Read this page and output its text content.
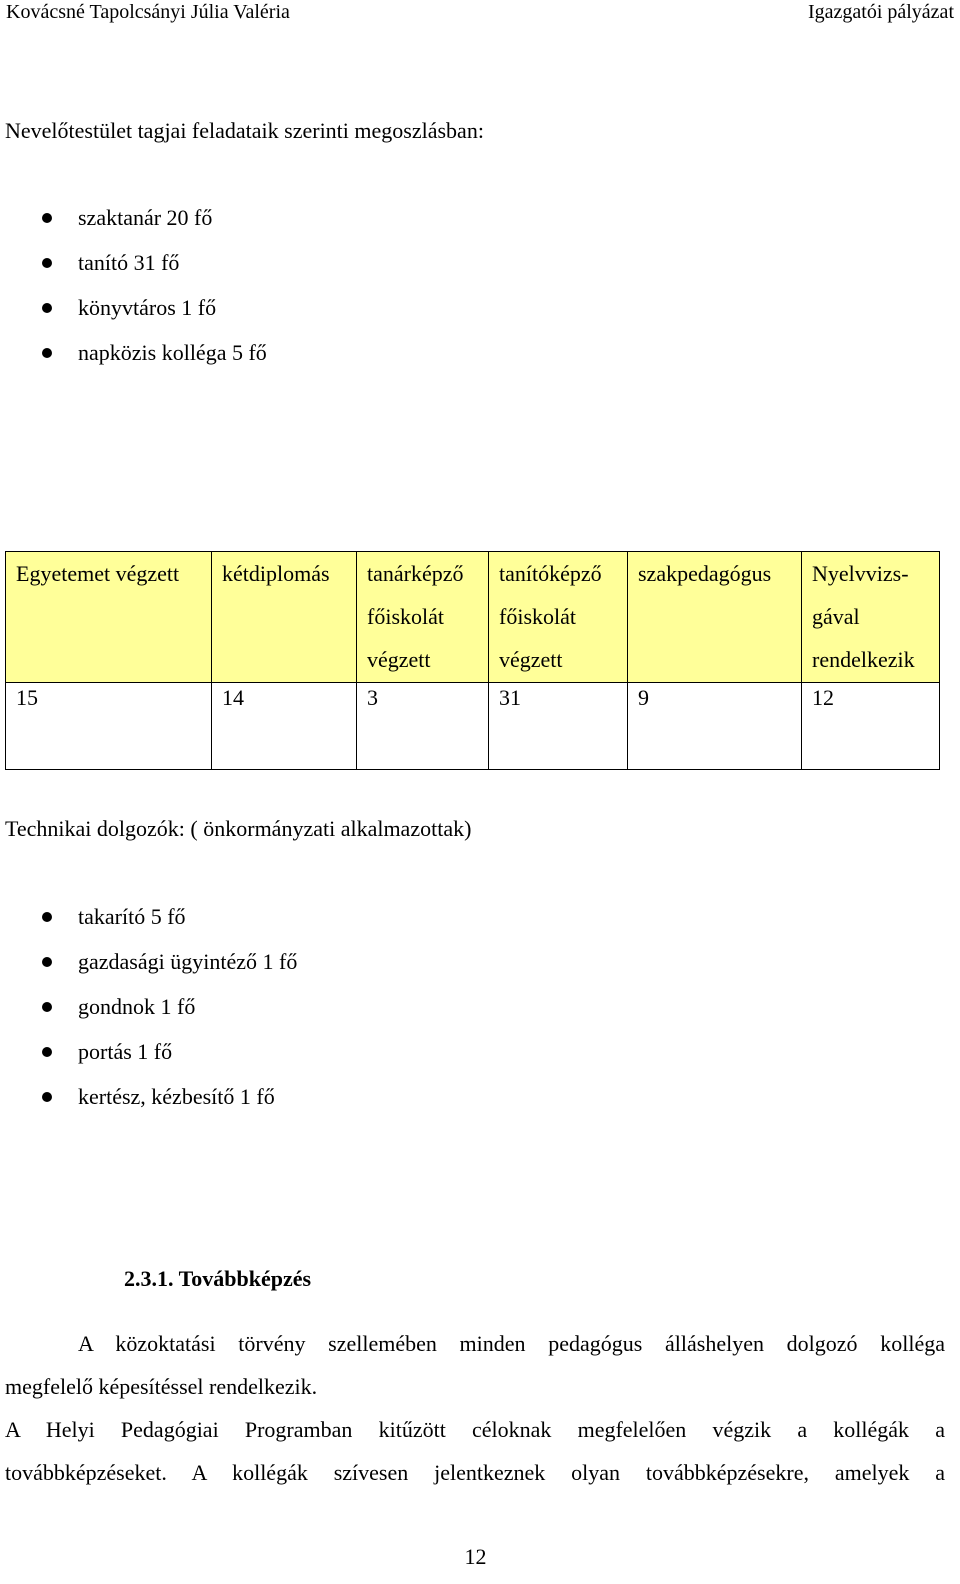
Kovácsné Tapolcsányi Júlia Valéria	Igazgatói pályázat
Nevelőtestület tagjai feladataik szerinti megoszlásban:
szaktanár 20 fő
tanító 31 fő
könyvtáros 1 fő
napközis kolléga 5 fő
Egyetemet végzett	kétdiplomás	tanárképző főiskolát végzett	tanítóképző főiskolát végzett	szakpedagógus	Nyelvvizs-gával rendelkezik
15	14	3	31	9	12
Technikai dolgozók: ( önkormányzati alkalmazottak)
takarító 5 fő
gazdasági ügyintéző 1 fő
gondnok 1 fő
portás 1 fő
kertész, kézbesítő 1 fő
2.3.1. Továbbképzés
A közoktatási törvény szellemében minden pedagógus álláshelyen dolgozó kolléga
megfelelő képesítéssel rendelkezik.
A Helyi Pedagógiai Programban kitűzött céloknak megfelelően végzik a kollégák a
továbbképzéseket. A kollégák szívesen jelentkeznek olyan továbbképzésekre, amelyek a
12
